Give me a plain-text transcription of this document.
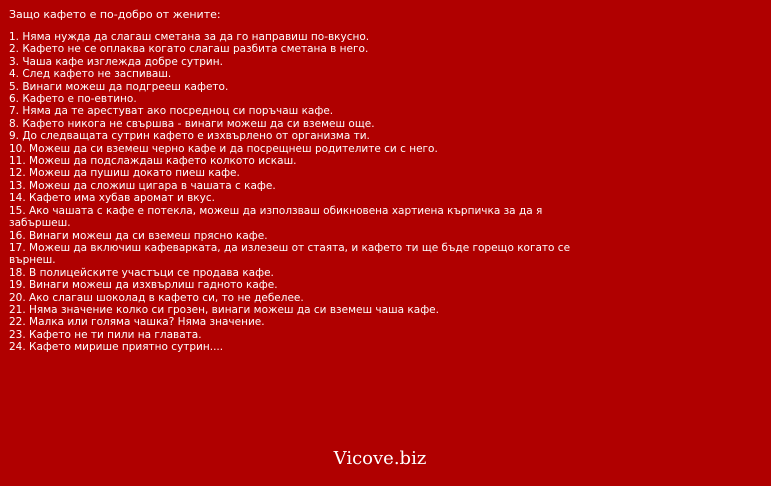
Защо кафето е по-добро от жените:
1. Няма нужда да слагаш сметана за да го направиш по-вкусно.
2. Кафето не се оплаква когато слагаш разбита сметана в него.
3. Чаша кафе изглежда добре сутрин.
4. След кафето не заспиваш.
5. Винаги можеш да подгрееш кафето.
6. Кафето е по-евтино.
7. Няма да те арестуват ако посредноц си поръчаш кафе.
8. Кафето никога не свършва - винаги можеш да си вземеш още.
9. До следващата сутрин кафето е изхвърлено от организма ти.
10. Можеш да си вземеш черно кафе и да посрещнеш родителите си с него.
11. Можеш да подслаждаш кафето колкото искаш.
12. Можеш да пушиш докато пиеш кафе.
13. Можеш да сложиш цигара в чашата с кафе.
14. Кафето има хубав аромат и вкус.
15. Ако чашата с кафе е потекла, можеш да използваш обикновена хартиена кърпичка за да я забършеш.
16. Винаги можеш да си вземеш прясно кафе.
17. Можеш да включиш кафеварката, да излезеш от стаята, и кафето ти ще бъде горещо когато се върнеш.
18. В полицейските участъци се продава кафе.
19. Винаги можеш да изхвърлиш гадното кафе.
20. Ако слагаш шоколад в кафето си, то не дебелее.
21. Няма значение колко си грозен, винаги можеш да си вземеш чаша кафе.
22. Малка или голяма чашка? Няма значение.
23. Кафето не ти пили на главата.
24. Кафето мирише приятно сутрин....
Vicove.biz
